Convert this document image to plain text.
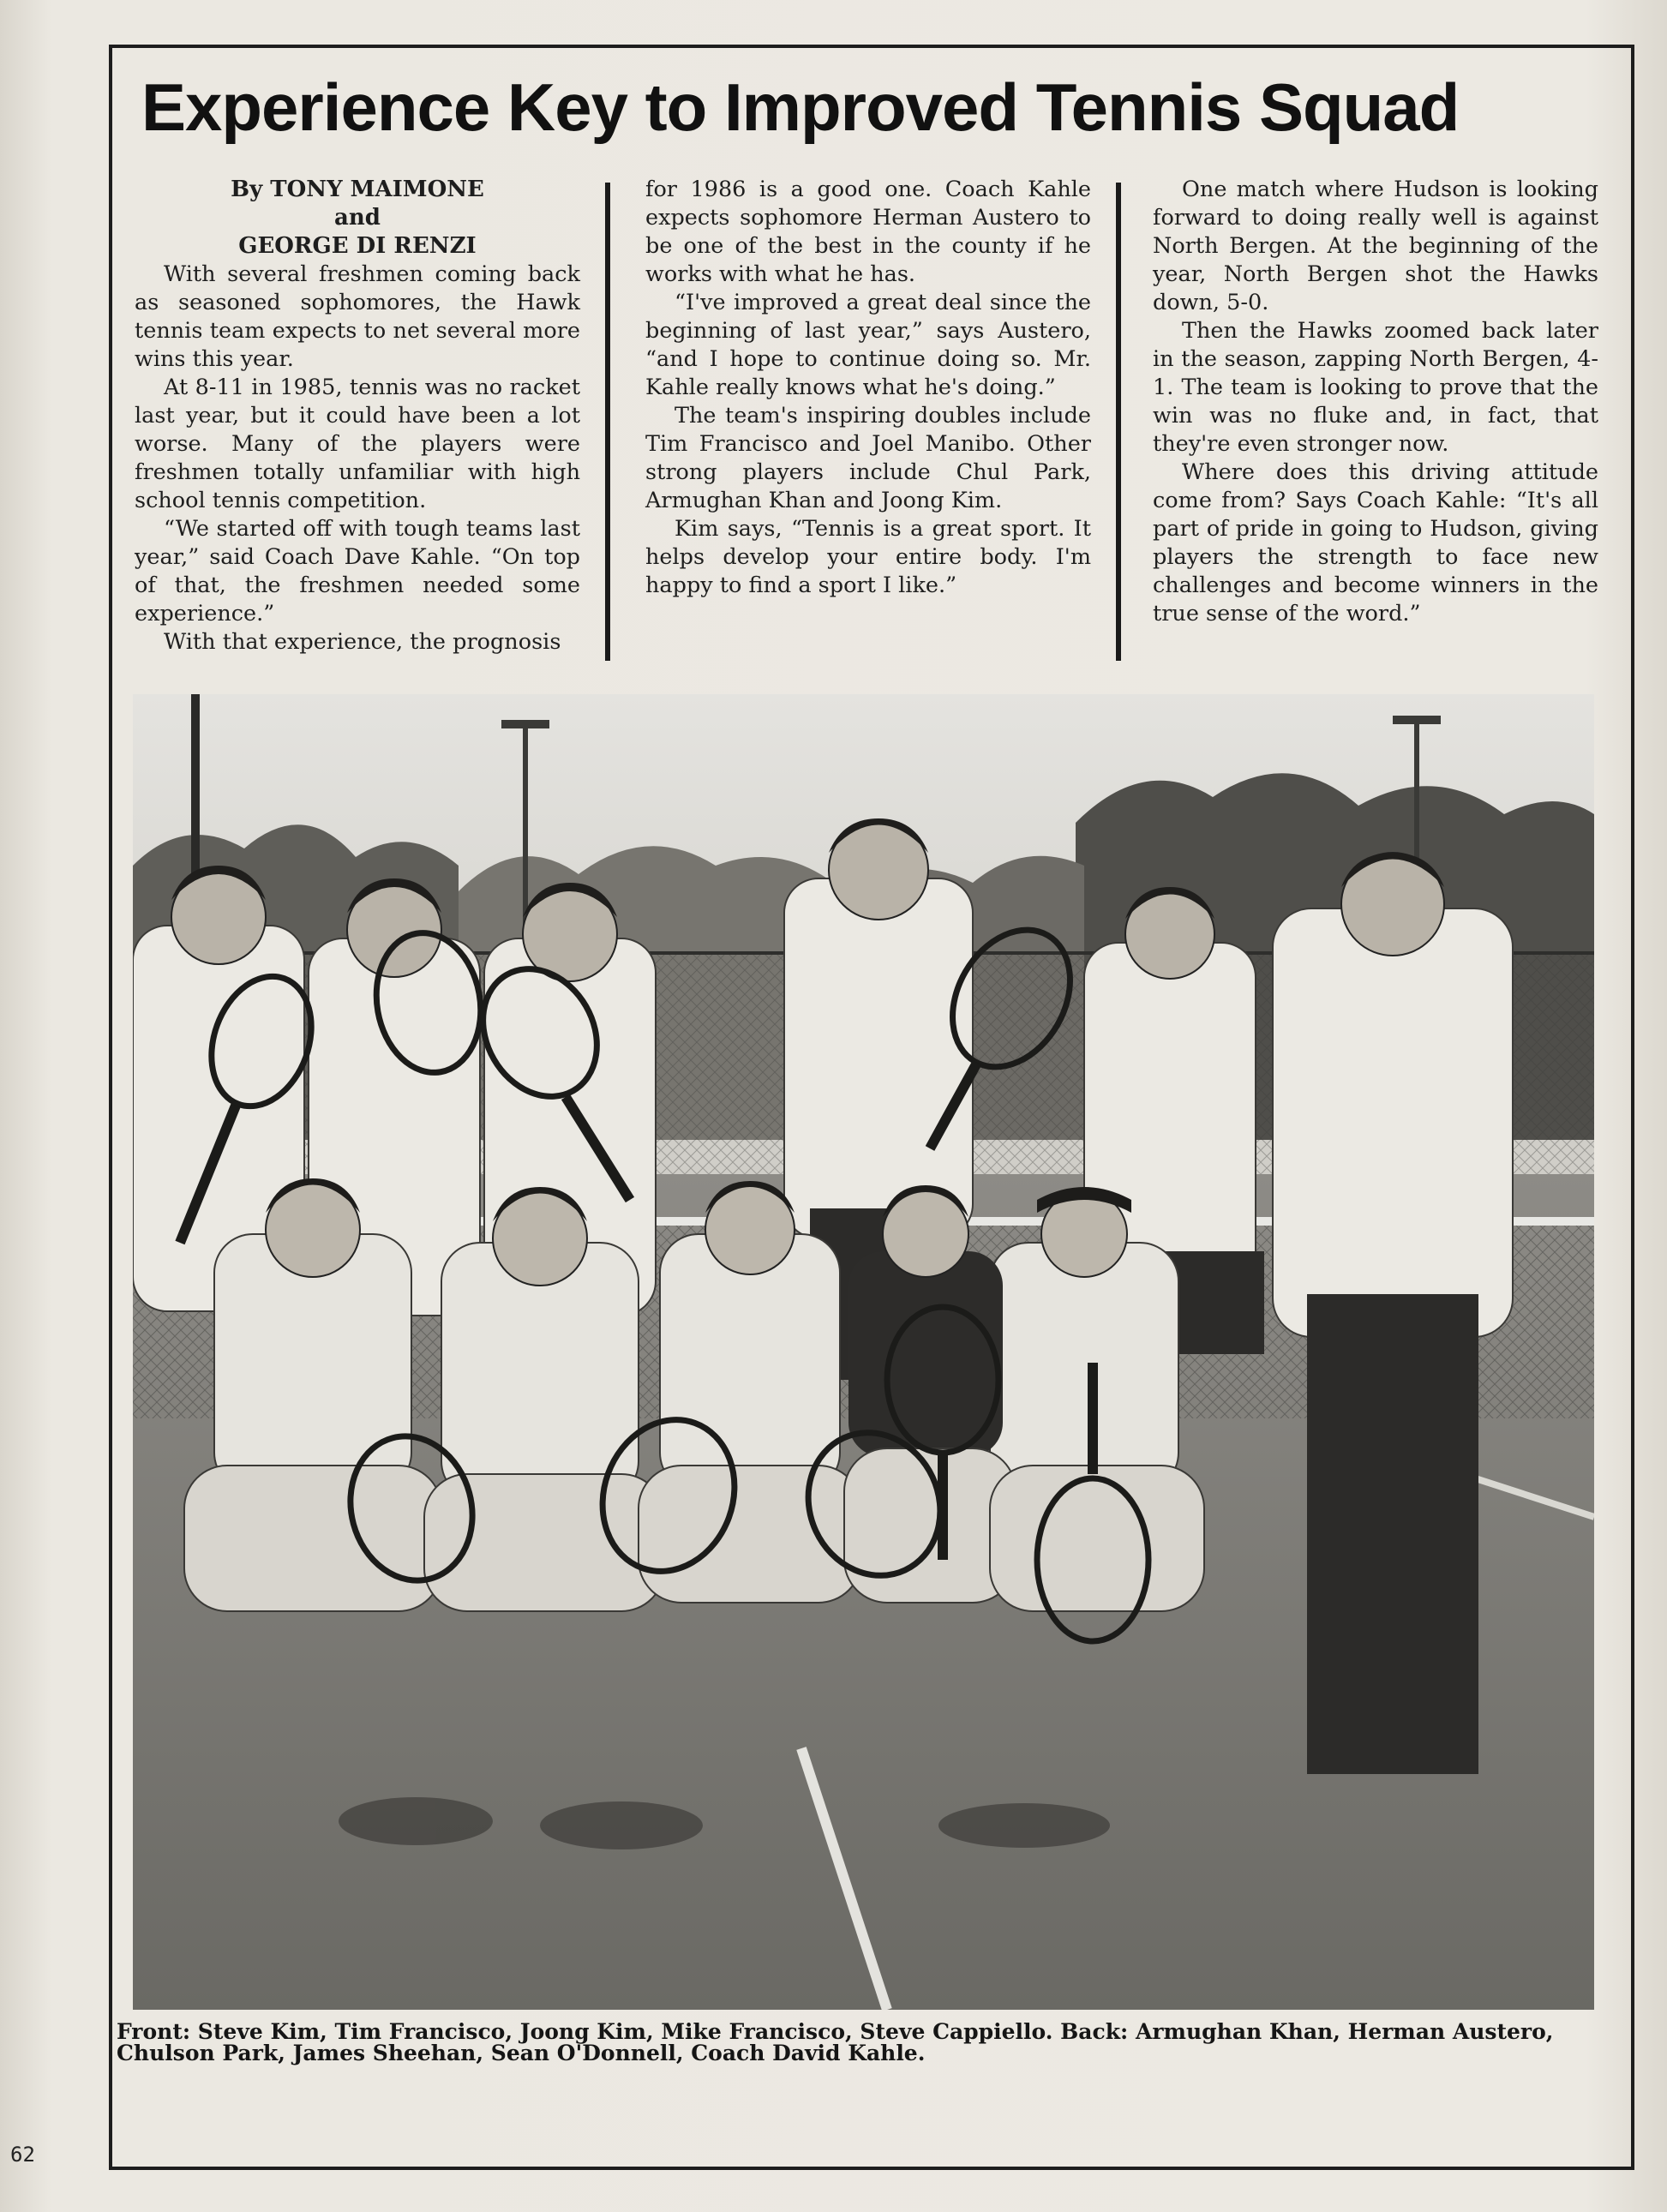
Experience Key to Improved Tennis Squad
By TONY MAIMONE
and
GEORGE DI RENZI

With several freshmen coming back as seasoned sophomores, the Hawk tennis team expects to net several more wins this year.

At 8-11 in 1985, tennis was no racket last year, but it could have been a lot worse. Many of the players were freshmen totally unfamiliar with high school tennis competition.

“We started off with tough teams last year,” said Coach Dave Kahle. “On top of that, the freshmen needed some experience.”

With that experience, the prognosis

for 1986 is a good one. Coach Kahle expects sophomore Herman Austero to be one of the best in the county if he works with what he has.

“I've improved a great deal since the beginning of last year,” says Austero, “and I hope to continue doing so. Mr. Kahle really knows what he's doing.”

The team's inspiring doubles include Tim Francisco and Joel Manibo. Other strong players include Chul Park, Armughan Khan and Joong Kim.

Kim says, “Tennis is a great sport. It helps develop your entire body. I'm happy to find a sport I like.”

One match where Hudson is looking forward to doing really well is against North Bergen. At the beginning of the year, North Bergen shot the Hawks down, 5-0.

Then the Hawks zoomed back later in the season, zapping North Bergen, 4-1. The team is looking to prove that the win was no fluke and, in fact, that they're even stronger now.

Where does this driving attitude come from? Says Coach Kahle: “It's all part of pride in going to Hudson, giving players the strength to face new challenges and become winners in the true sense of the word.”

Front: Steve Kim, Tim Francisco, Joong Kim, Mike Francisco, Steve Cappiello. Back: Armughan Khan, Herman Austero, Chulson Park, James Sheehan, Sean O'Donnell, Coach David Kahle.
62
